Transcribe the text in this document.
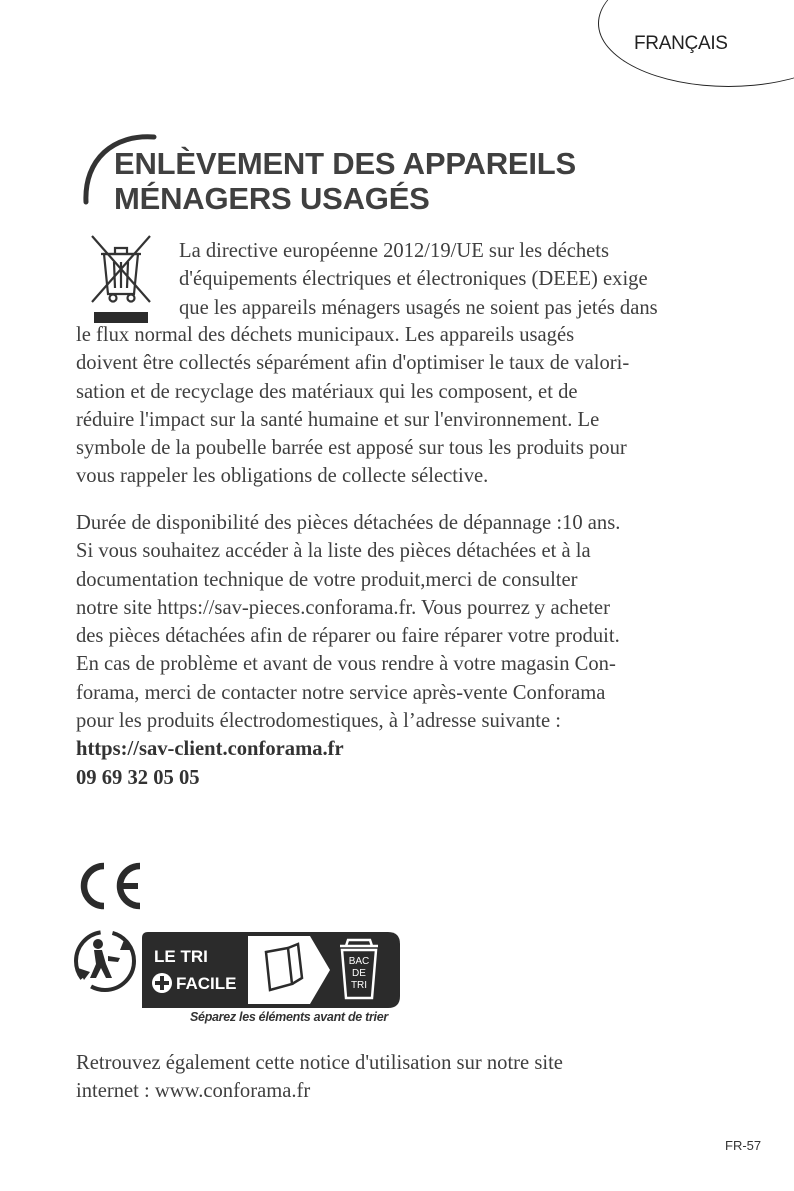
FRANÇAIS
ENLÈVEMENT DES APPAREILS
MÉNAGERS USAGÉS
La directive européenne 2012/19/UE sur les déchets
d'équipements électriques et électroniques (DEEE) exige
que les appareils ménagers usagés ne soient pas jetés dans
le flux normal des déchets municipaux. Les appareils usagés
doivent être collectés séparément afin d'optimiser le taux de valori-
sation et de recyclage des matériaux qui les composent, et de
réduire l'impact sur la santé humaine et sur l'environnement. Le
symbole de la poubelle barrée est apposé sur tous les produits pour
vous rappeler les obligations de collecte sélective.
Durée de disponibilité des pièces détachées de dépannage :10 ans.
Si vous souhaitez accéder à la liste des pièces détachées et à la
documentation technique de votre produit,merci de consulter
notre site https://sav-pieces.conforama.fr. Vous pourrez y acheter
des pièces détachées afin de réparer ou faire réparer votre produit.
En cas de problème et avant de vous rendre à votre magasin Con-
forama, merci de contacter notre service après-vente Conforama
pour les produits électrodomestiques, à l’adresse suivante :
https://sav-client.conforama.fr
09 69 32 05 05
LE TRI
FACILE
BAC
DE
TRI
Séparez les éléments avant de trier
Retrouvez également cette notice d'utilisation sur notre site
internet : www.conforama.fr
FR-57
